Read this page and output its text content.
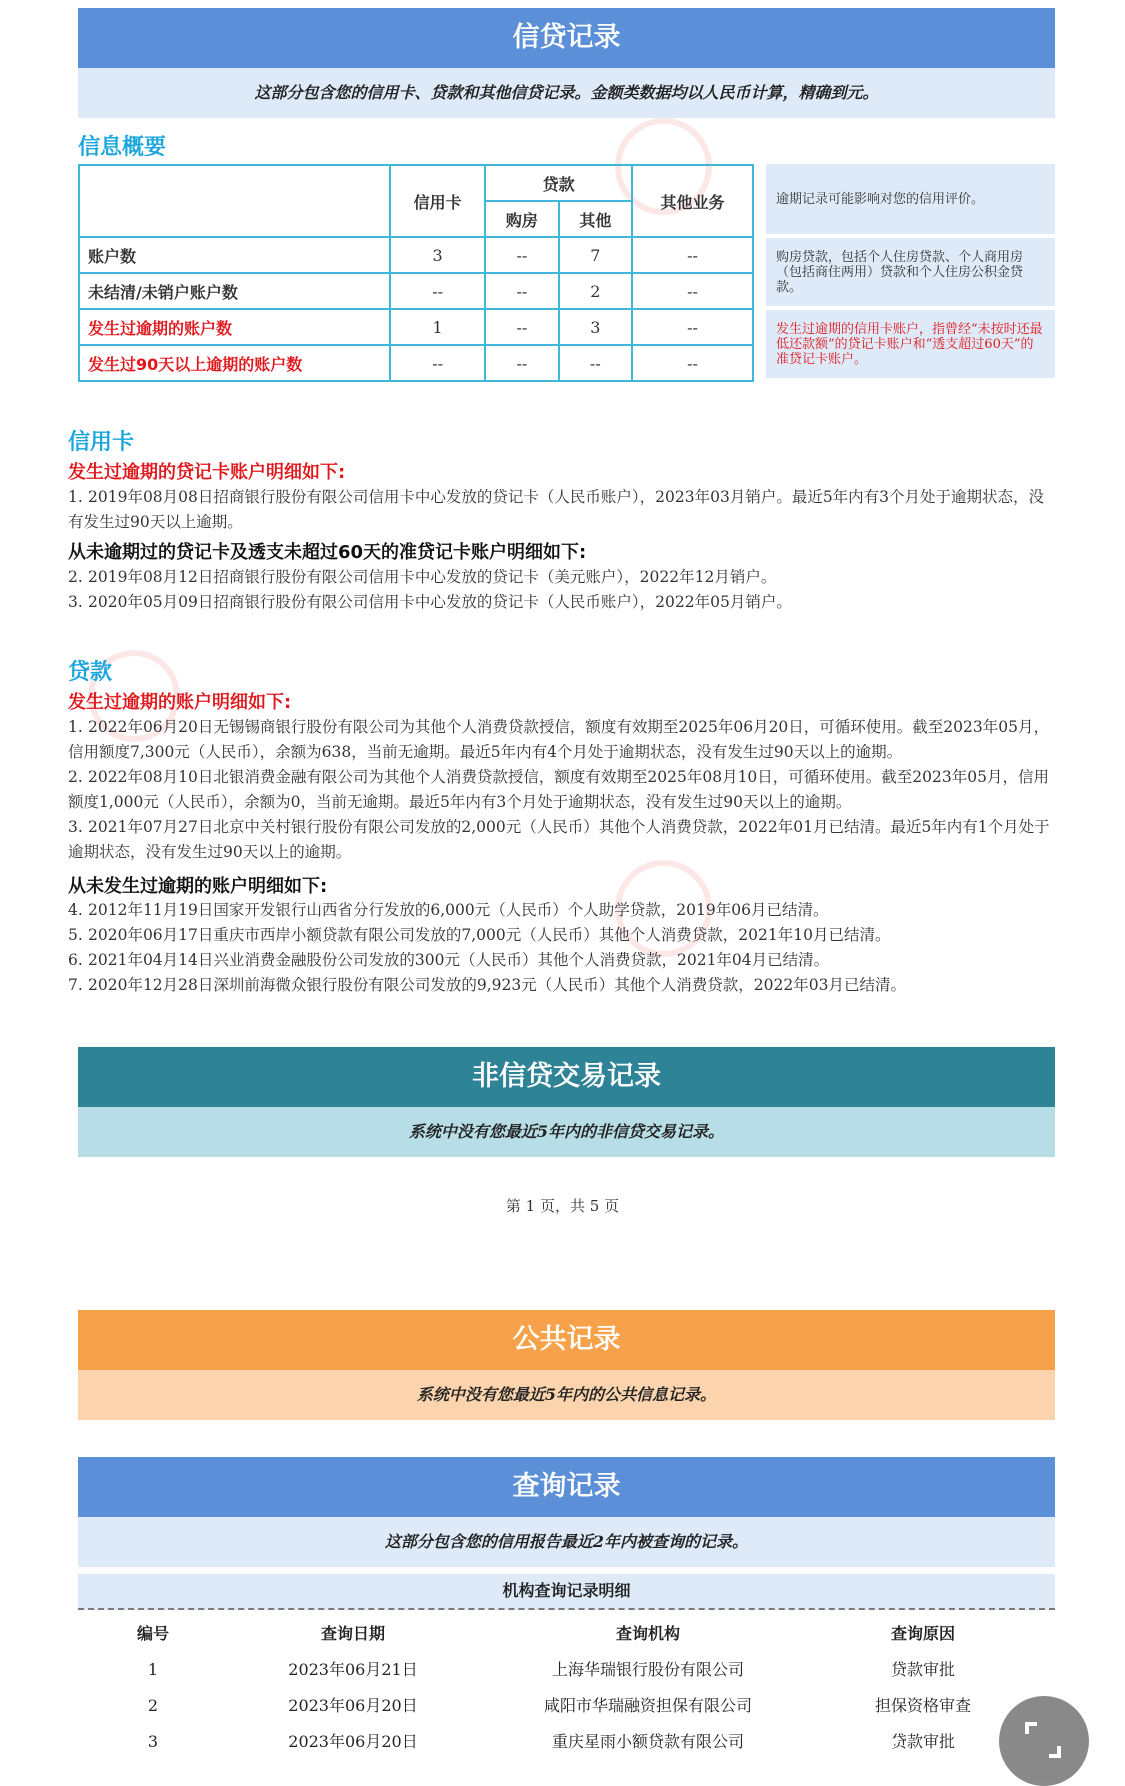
信贷记录
这部分包含您的信用卡、贷款和其他信贷记录。金额类数据均以人民币计算，精确到元。
信息概要
	信用卡	贷款		其他业务
		购房	其他	
账户数	3	--	7	--
未结清/未销户账户数	--	--	2	--
发生过逾期的账户数	1	--	3	--
发生过90天以上逾期的账户数	--	--	--	--
逾期记录可能影响对您的信用评价。
购房贷款，包括个人住房贷款、个人商用房（包括商住两用）贷款和个人住房公积金贷款。
发生过逾期的信用卡账户，指曾经“未按时还最低还款额”的贷记卡账户和“透支超过60天”的准贷记卡账户。
信用卡
发生过逾期的贷记卡账户明细如下:
1. 2019年08月08日招商银行股份有限公司信用卡中心发放的贷记卡（人民币账户），2023年03月销户。最近5年内有3个月处于逾期状态，没有发生过90天以上逾期。
从未逾期过的贷记卡及透支未超过60天的准贷记卡账户明细如下:
2. 2019年08月12日招商银行股份有限公司信用卡中心发放的贷记卡（美元账户），2022年12月销户。
3. 2020年05月09日招商银行股份有限公司信用卡中心发放的贷记卡（人民币账户），2022年05月销户。
贷款
发生过逾期的账户明细如下:
1. 2022年06月20日无锡锡商银行股份有限公司为其他个人消费贷款授信，额度有效期至2025年06月20日，可循环使用。截至2023年05月，信用额度7,300元（人民币），余额为638，当前无逾期。最近5年内有4个月处于逾期状态，没有发生过90天以上的逾期。
2. 2022年08月10日北银消费金融有限公司为其他个人消费贷款授信，额度有效期至2025年08月10日，可循环使用。截至2023年05月，信用额度1,000元（人民币），余额为0，当前无逾期。最近5年内有3个月处于逾期状态，没有发生过90天以上的逾期。
3. 2021年07月27日北京中关村银行股份有限公司发放的2,000元（人民币）其他个人消费贷款，2022年01月已结清。最近5年内有1个月处于逾期状态，没有发生过90天以上的逾期。
从未发生过逾期的账户明细如下:
4. 2012年11月19日国家开发银行山西省分行发放的6,000元（人民币）个人助学贷款，2019年06月已结清。
5. 2020年06月17日重庆市西岸小额贷款有限公司发放的7,000元（人民币）其他个人消费贷款，2021年10月已结清。
6. 2021年04月14日兴业消费金融股份公司发放的300元（人民币）其他个人消费贷款，2021年04月已结清。
7. 2020年12月28日深圳前海微众银行股份有限公司发放的9,923元（人民币）其他个人消费贷款，2022年03月已结清。
非信贷交易记录
系统中没有您最近5年内的非信贷交易记录。
第 1 页，共 5 页
公共记录
系统中没有您最近5年内的公共信息记录。
查询记录
这部分包含您的信用报告最近2年内被查询的记录。
机构查询记录明细
编号	查询日期	查询机构	查询原因
1	2023年06月21日	上海华瑞银行股份有限公司	贷款审批
2	2023年06月20日	咸阳市华瑞融资担保有限公司	担保资格审查
3	2023年06月20日	重庆星雨小额贷款有限公司	贷款审批
